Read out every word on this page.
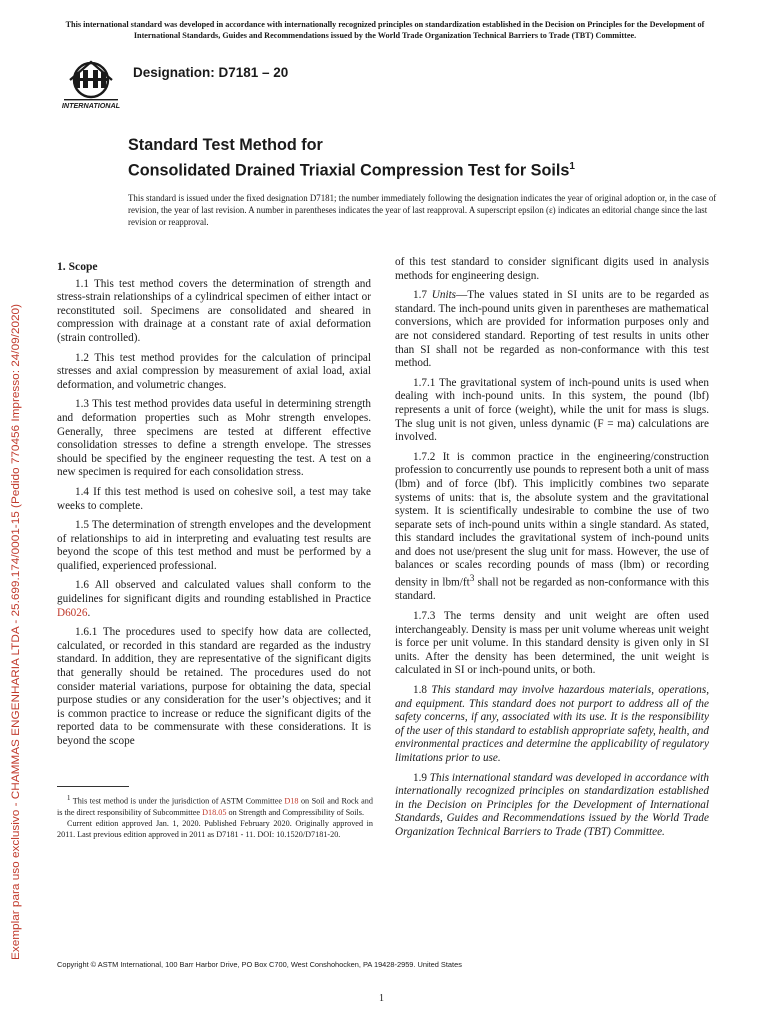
This international standard was developed in accordance with internationally recognized principles on standardization established in the Decision on Principles for the Development of International Standards, Guides and Recommendations issued by the World Trade Organization Technical Barriers to Trade (TBT) Committee.
INTERNATIONAL
Designation: D7181 – 20
Standard Test Method for
Consolidated Drained Triaxial Compression Test for Soils$^1$
This standard is issued under the fixed designation D7181; the number immediately following the designation indicates the year of original adoption or, in the case of revision, the year of last revision. A number in parentheses indicates the year of last reapproval. A superscript epsilon (ε) indicates an editorial change since the last revision or reapproval.
Exemplar para uso exclusivo - CHAMMAS ENGENHARIA LTDA - 25.699.174/0001-15 (Pedido 770456 Impresso: 24/09/2020)
1. Scope

1.1 This test method covers the determination of strength and stress-strain relationships of a cylindrical specimen of either intact or reconstituted soil. Specimens are consolidated and sheared in compression with drainage at a constant rate of axial deformation (strain controlled).

1.2 This test method provides for the calculation of principal stresses and axial compression by measurement of axial load, axial deformation, and volumetric changes.

1.3 This test method provides data useful in determining strength and deformation properties such as Mohr strength envelopes. Generally, three specimens are tested at different effective consolidation stresses to define a strength envelope. The stresses should be specified by the engineer requesting the test. A test on a new specimen is required for each consolidation stress.

1.4 If this test method is used on cohesive soil, a test may take weeks to complete.

1.5 The determination of strength envelopes and the development of relationships to aid in interpreting and evaluating test results are beyond the scope of this test method and must be performed by a qualified, experienced professional.

1.6 All observed and calculated values shall conform to the guidelines for significant digits and rounding established in Practice D6026.

1.6.1 The procedures used to specify how data are collected, calculated, or recorded in this standard are regarded as the industry standard. In addition, they are representative of the significant digits that generally should be retained. The procedures used do not consider material variations, purpose for obtaining the data, special purpose studies or any consideration for the user’s objectives; and it is common practice to increase or reduce the significant digits of the reported data to be commensurate with these considerations. It is beyond the scope

of this test standard to consider significant digits used in analysis methods for engineering design.

1.7 Units—The values stated in SI units are to be regarded as standard. The inch-pound units given in parentheses are mathematical conversions, which are provided for information purposes only and are not considered standard. Reporting of test results in units other than SI shall not be regarded as non-conformance with this test method.

1.7.1 The gravitational system of inch-pound units is used when dealing with inch-pound units. In this system, the pound (lbf) represents a unit of force (weight), while the unit for mass is slugs. The slug unit is not given, unless dynamic (F = ma) calculations are involved.

1.7.2 It is common practice in the engineering/construction profession to concurrently use pounds to represent both a unit of mass (lbm) and of force (lbf). This implicitly combines two separate systems of units: that is, the absolute system and the gravitational system. It is scientifically undesirable to combine the use of two separate sets of inch-pound units within a single standard. As stated, this standard includes the gravitational system of inch-pound units and does not use/present the slug unit for mass. However, the use of balances or scales recording pounds of mass (lbm) or recording density in lbm/$ft^3$ shall not be regarded as non-conformance with this standard.

1.7.3 The terms density and unit weight are often used interchangeably. Density is mass per unit volume whereas unit weight is force per unit volume. In this standard density is given only in SI units. After the density has been determined, the unit weight is calculated in SI or inch-pound units, or both.

1.8 This standard may involve hazardous materials, operations, and equipment. This standard does not purport to address all of the safety concerns, if any, associated with its use. It is the responsibility of the user of this standard to establish appropriate safety, health, and environmental practices and determine the applicability of regulatory limitations prior to use.

1.9 This international standard was developed in accordance with internationally recognized principles on standardization established in the Decision on Principles for the Development of International Standards, Guides and Recommendations issued by the World Trade Organization Technical Barriers to Trade (TBT) Committee.

$^1$ This test method is under the jurisdiction of ASTM Committee D18 on Soil and Rock and is the direct responsibility of Subcommittee D18.05 on Strength and Compressibility of Soils.

Current edition approved Jan. 1, 2020. Published February 2020. Originally approved in 2011. Last previous edition approved in 2011 as D7181 - 11. DOI: 10.1520/D7181-20.

Copyright © ASTM International, 100 Barr Harbor Drive, PO Box C700, West Conshohocken, PA 19428-2959. United States
1
